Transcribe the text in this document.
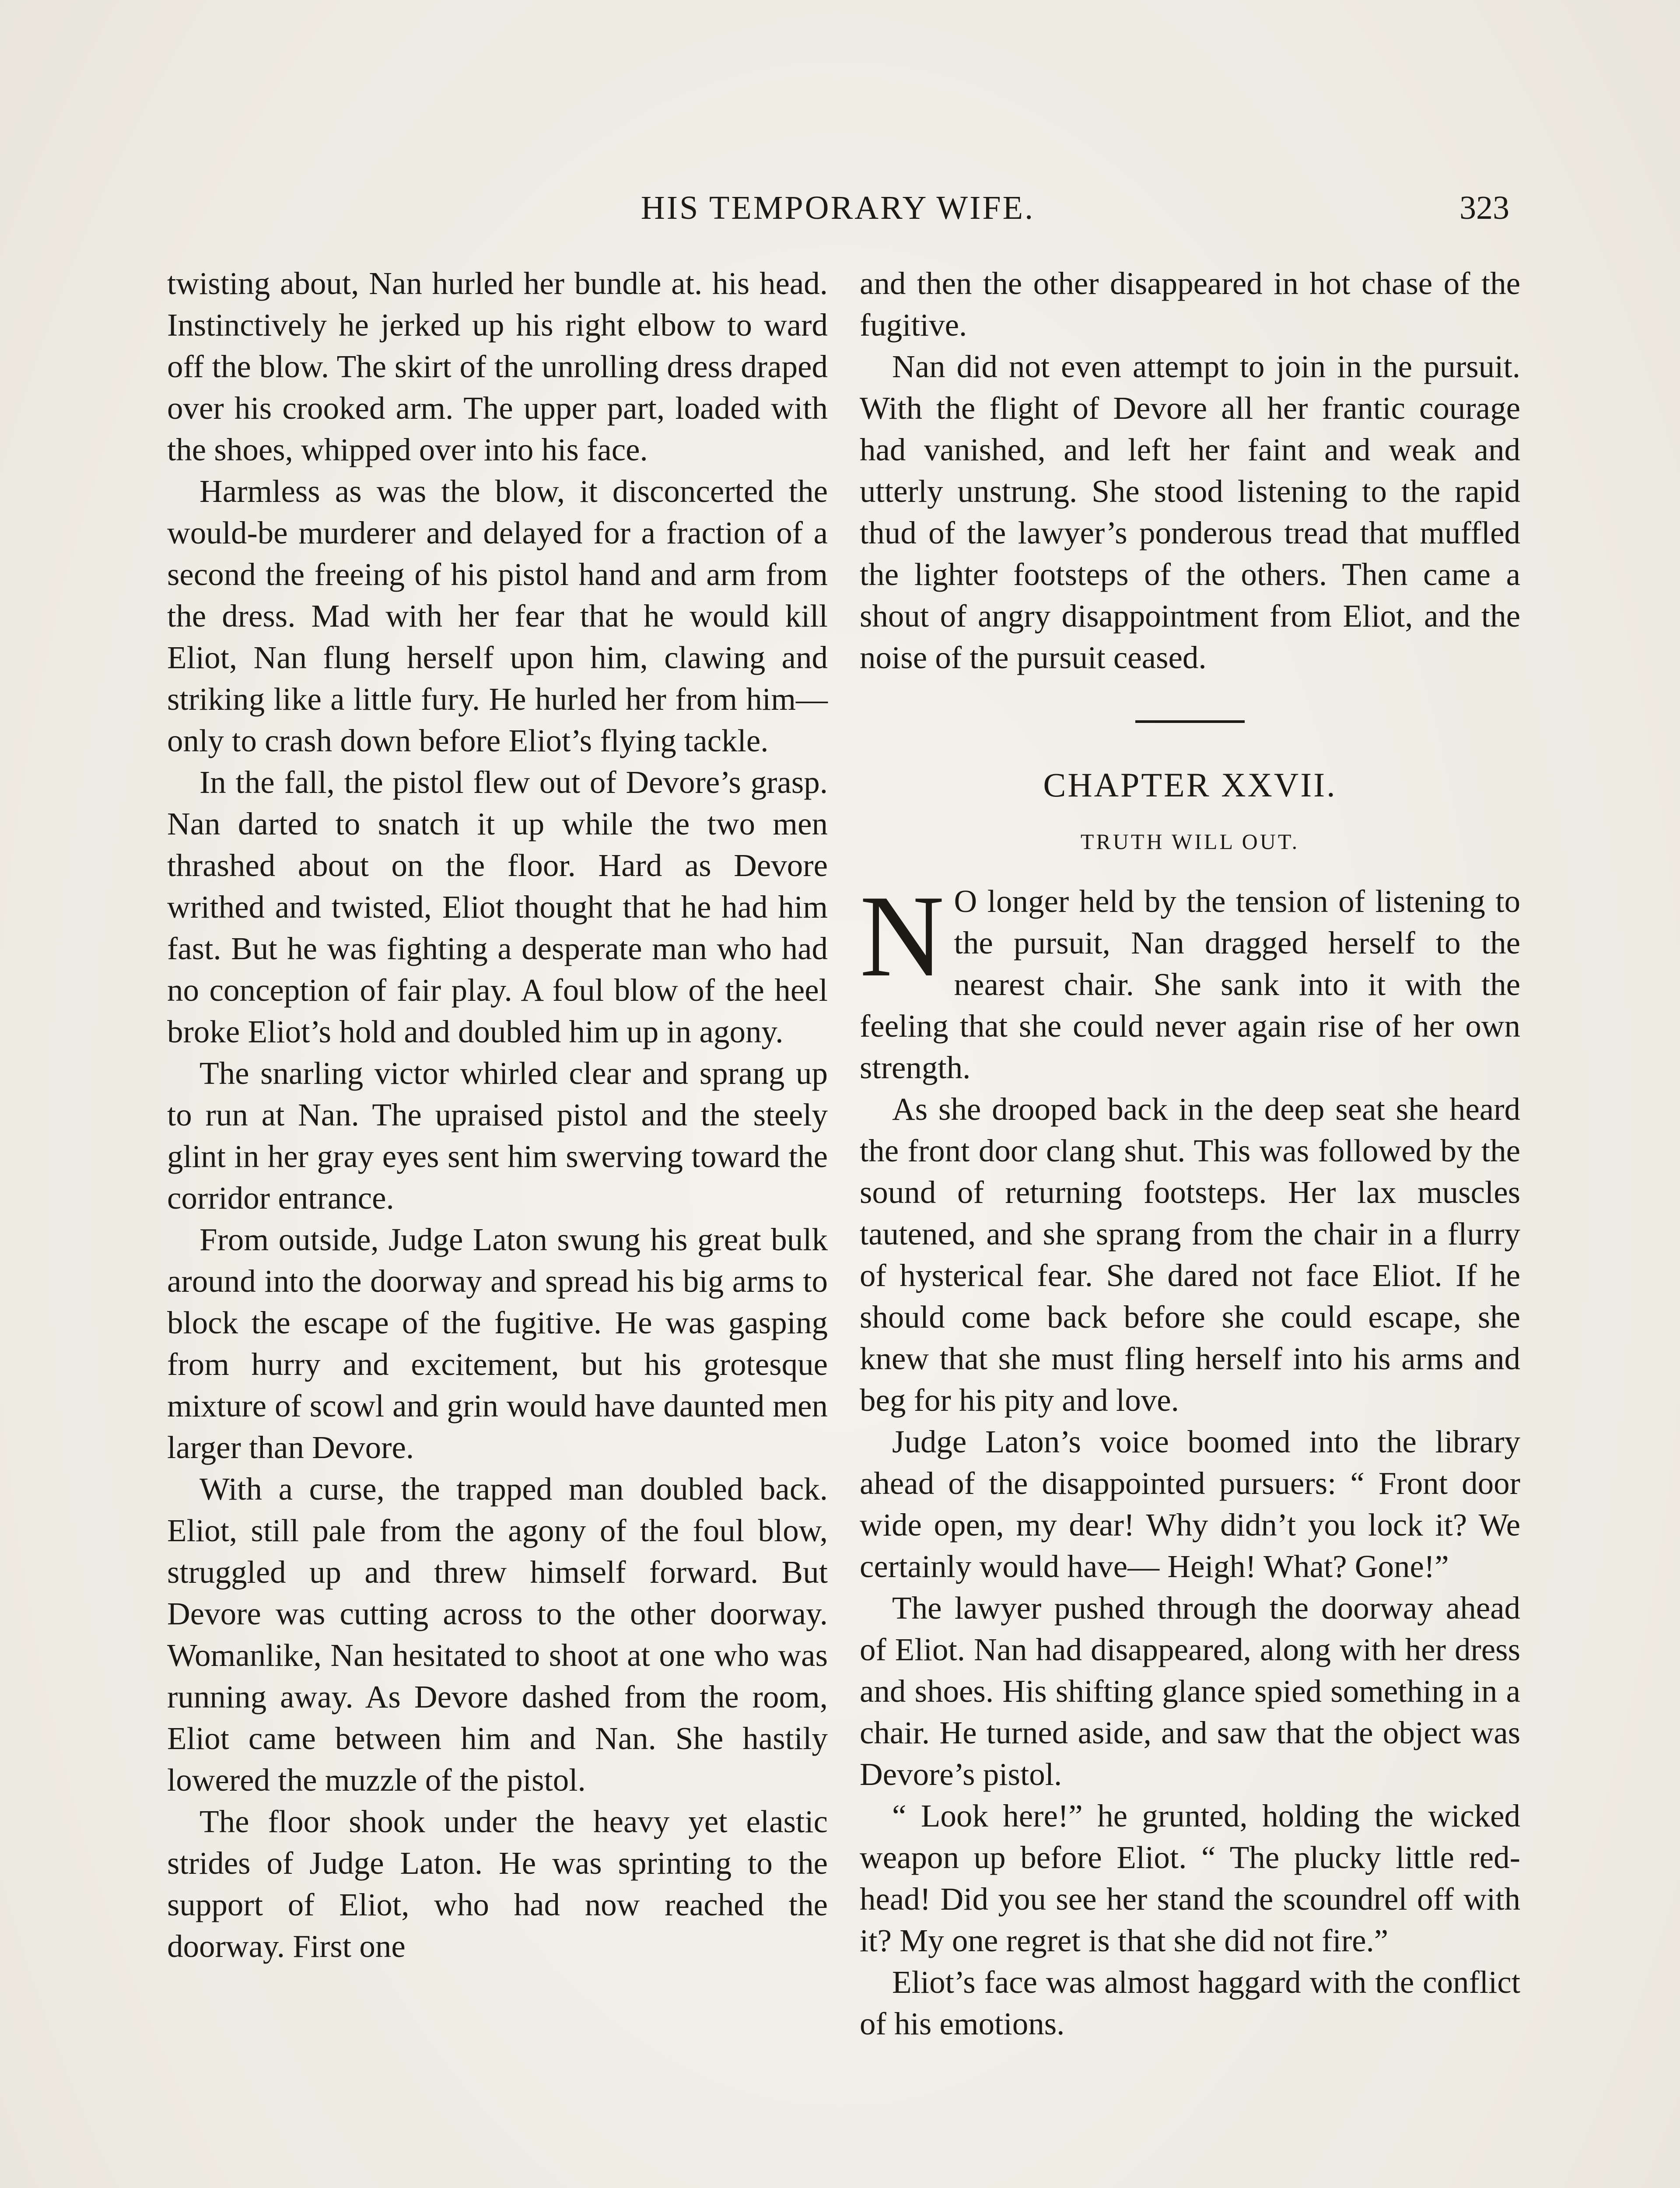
HIS TEMPORARY WIFE.	323

twisting about, Nan hurled her bundle at. his head. Instinctively he jerked up his right elbow to ward off the blow. The skirt of the unrolling dress draped over his crooked arm. The upper part, loaded with the shoes, whipped over into his face.

Harmless as was the blow, it disconcerted the would-be murderer and delayed for a fraction of a second the freeing of his pistol hand and arm from the dress. Mad with her fear that he would kill Eliot, Nan flung herself upon him, clawing and striking like a little fury. He hurled her from him—only to crash down before Eliot’s flying tackle.

In the fall, the pistol flew out of Devore’s grasp. Nan darted to snatch it up while the two men thrashed about on the floor. Hard as Devore writhed and twisted, Eliot thought that he had him fast. But he was fighting a desperate man who had no conception of fair play. A foul blow of the heel broke Eliot’s hold and doubled him up in agony.

The snarling victor whirled clear and sprang up to run at Nan. The upraised pistol and the steely glint in her gray eyes sent him swerving toward the corridor entrance.

From outside, Judge Laton swung his great bulk around into the doorway and spread his big arms to block the escape of the fugitive. He was gasping from hurry and excitement, but his grotesque mixture of scowl and grin would have daunted men larger than Devore.

With a curse, the trapped man doubled back. Eliot, still pale from the agony of the foul blow, struggled up and threw himself forward. But Devore was cutting across to the other doorway. Womanlike, Nan hesitated to shoot at one who was running away. As Devore dashed from the room, Eliot came between him and Nan. She hastily lowered the muzzle of the pistol.

The floor shook under the heavy yet elastic strides of Judge Laton. He was sprinting to the support of Eliot, who had now reached the doorway. First one

and then the other disappeared in hot chase of the fugitive.

Nan did not even attempt to join in the pursuit. With the flight of Devore all her frantic courage had vanished, and left her faint and weak and utterly unstrung. She stood listening to the rapid thud of the lawyer’s ponderous tread that muffled the lighter footsteps of the others. Then came a shout of angry disappointment from Eliot, and the noise of the pursuit ceased.

CHAPTER XXVII.
TRUTH WILL OUT.

N O longer held by the tension of listening to the pursuit, Nan dragged herself to the nearest chair. She sank into it with the feeling that she could never again rise of her own strength.

As she drooped back in the deep seat she heard the front door clang shut. This was followed by the sound of returning footsteps. Her lax muscles tautened, and she sprang from the chair in a flurry of hysterical fear. She dared not face Eliot. If he should come back before she could escape, she knew that she must fling herself into his arms and beg for his pity and love.

Judge Laton’s voice boomed into the library ahead of the disappointed pursuers: “ Front door wide open, my dear! Why didn’t you lock it? We certainly would have— Heigh! What? Gone!”

The lawyer pushed through the doorway ahead of Eliot. Nan had disappeared, along with her dress and shoes. His shifting glance spied something in a chair. He turned aside, and saw that the object was Devore’s pistol.

“ Look here!” he grunted, holding the wicked weapon up before Eliot. “ The plucky little red-head! Did you see her stand the scoundrel off with it? My one regret is that she did not fire.”

Eliot’s face was almost haggard with the conflict of his emotions.
